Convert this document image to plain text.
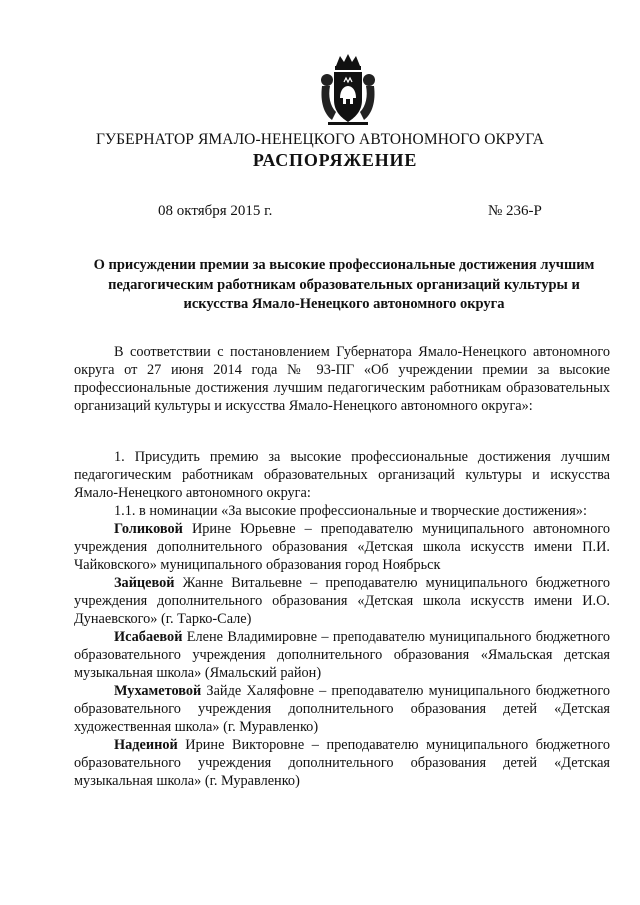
ГУБЕРНАТОР ЯМАЛО-НЕНЕЦКОГО АВТОНОМНОГО ОКРУГА
РАСПОРЯЖЕНИЕ
08 октября 2015 г.	№ 236-Р
О присуждении премии за высокие профессиональные достижения лучшим педагогическим работникам образовательных организаций культуры и искусства Ямало-Ненецкого автономного округа

В соответствии с постановлением Губернатора Ямало-Ненецкого автономного округа от 27 июня 2014 года № 93-ПГ «Об учреждении премии за высокие профессиональные достижения лучшим педагогическим работникам образовательных организаций культуры и искусства Ямало-Ненецкого автономного округа»:

1. Присудить премию за высокие профессиональные достижения лучшим педагогическим работникам образовательных организаций культуры и искусства Ямало-Ненецкого автономного округа:

1.1. в номинации «За высокие профессиональные и творческие достижения»:

Голиковой Ирине Юрьевне – преподавателю муниципального автономного учреждения дополнительного образования «Детская школа искусств имени П.И. Чайковского» муниципального образования город Ноябрьск

Зайцевой Жанне Витальевне – преподавателю муниципального бюджетного учреждения дополнительного образования «Детская школа искусств имени И.О. Дунаевского» (г. Тарко-Сале)

Исабаевой Елене Владимировне – преподавателю муниципального бюджетного образовательного учреждения дополнительного образования «Ямальская детская музыкальная школа» (Ямальский район)

Мухаметовой Зайде Халяфовне – преподавателю муниципального бюджетного образовательного учреждения дополнительного образования детей «Детская художественная школа» (г. Муравленко)

Надеиной Ирине Викторовне – преподавателю муниципального бюджетного образовательного учреждения дополнительного образования детей «Детская музыкальная школа» (г. Муравленко)
